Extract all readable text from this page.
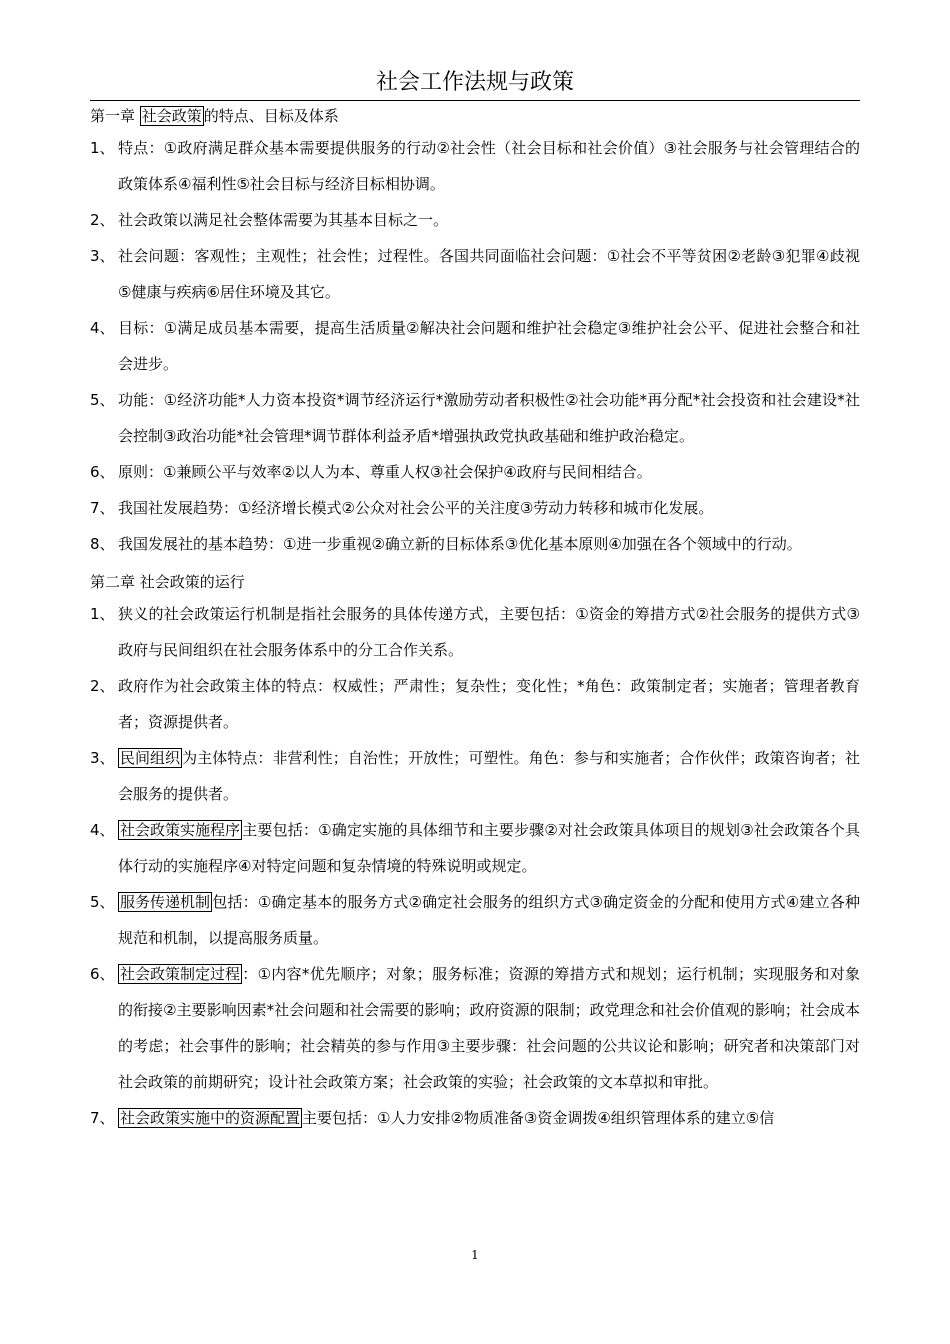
社会工作法规与政策
第一章 社会政策 的特点、目标及体系
1、 特点：①政府满足群众基本需要提供服务的行动②社会性（社会目标和社会价值）③社会服务与社会管理结合的政策体系④福利性⑤社会目标与经济目标相协调。
2、 社会政策以满足社会整体需要为其基本目标之一。
3、 社会问题：客观性；主观性；社会性；过程性。各国共同面临社会问题：①社会不平等贫困②老龄③犯罪④歧视⑤健康与疾病⑥居住环境及其它。
4、 目标：①满足成员基本需要，提高生活质量②解决社会问题和维护社会稳定③维护社会公平、促进社会整合和社会进步。
5、 功能：①经济功能*人力资本投资*调节经济运行*激励劳动者积极性②社会功能*再分配*社会投资和社会建设*社会控制③政治功能*社会管理*调节群体利益矛盾*增强执政党执政基础和维护政治稳定。
6、 原则：①兼顾公平与效率②以人为本、尊重人权③社会保护④政府与民间相结合。
7、 我国社发展趋势：①经济增长模式②公众对社会公平的关注度③劳动力转移和城市化发展。
8、 我国发展社的基本趋势：①进一步重视②确立新的目标体系③优化基本原则④加强在各个领域中的行动。
第二章 社会政策的运行
1、 狭义的社会政策运行机制是指社会服务的具体传递方式，主要包括：①资金的筹措方式②社会服务的提供方式③政府与民间组织在社会服务体系中的分工合作关系。
2、 政府作为社会政策主体的特点：权威性；严肃性；复杂性；变化性；*角色：政策制定者；实施者；管理者教育者；资源提供者。
3、 民间组织 为主体特点：非营利性；自治性；开放性；可塑性。角色：参与和实施者；合作伙伴；政策咨询者；社会服务的提供者。
4、 社会政策实施程序 主要包括：①确定实施的具体细节和主要步骤②对社会政策具体项目的规划③社会政策各个具体行动的实施程序④对特定问题和复杂情境的特殊说明或规定。
5、 服务传递机制 包括：①确定基本的服务方式②确定社会服务的组织方式③确定资金的分配和使用方式④建立各种规范和机制，以提高服务质量。
6、 社会政策制定过程 ：①内容*优先顺序；对象；服务标准；资源的筹措方式和规划；运行机制；实现服务和对象的衔接②主要影响因素*社会问题和社会需要的影响；政府资源的限制；政党理念和社会价值观的影响；社会成本的考虑；社会事件的影响；社会精英的参与作用③主要步骤：社会问题的公共议论和影响；研究者和决策部门对社会政策的前期研究；设计社会政策方案；社会政策的实验；社会政策的文本草拟和审批。
7、 社会政策实施中的资源配置 主要包括：①人力安排②物质准备③资金调拨④组织管理体系的建立⑤信
1
